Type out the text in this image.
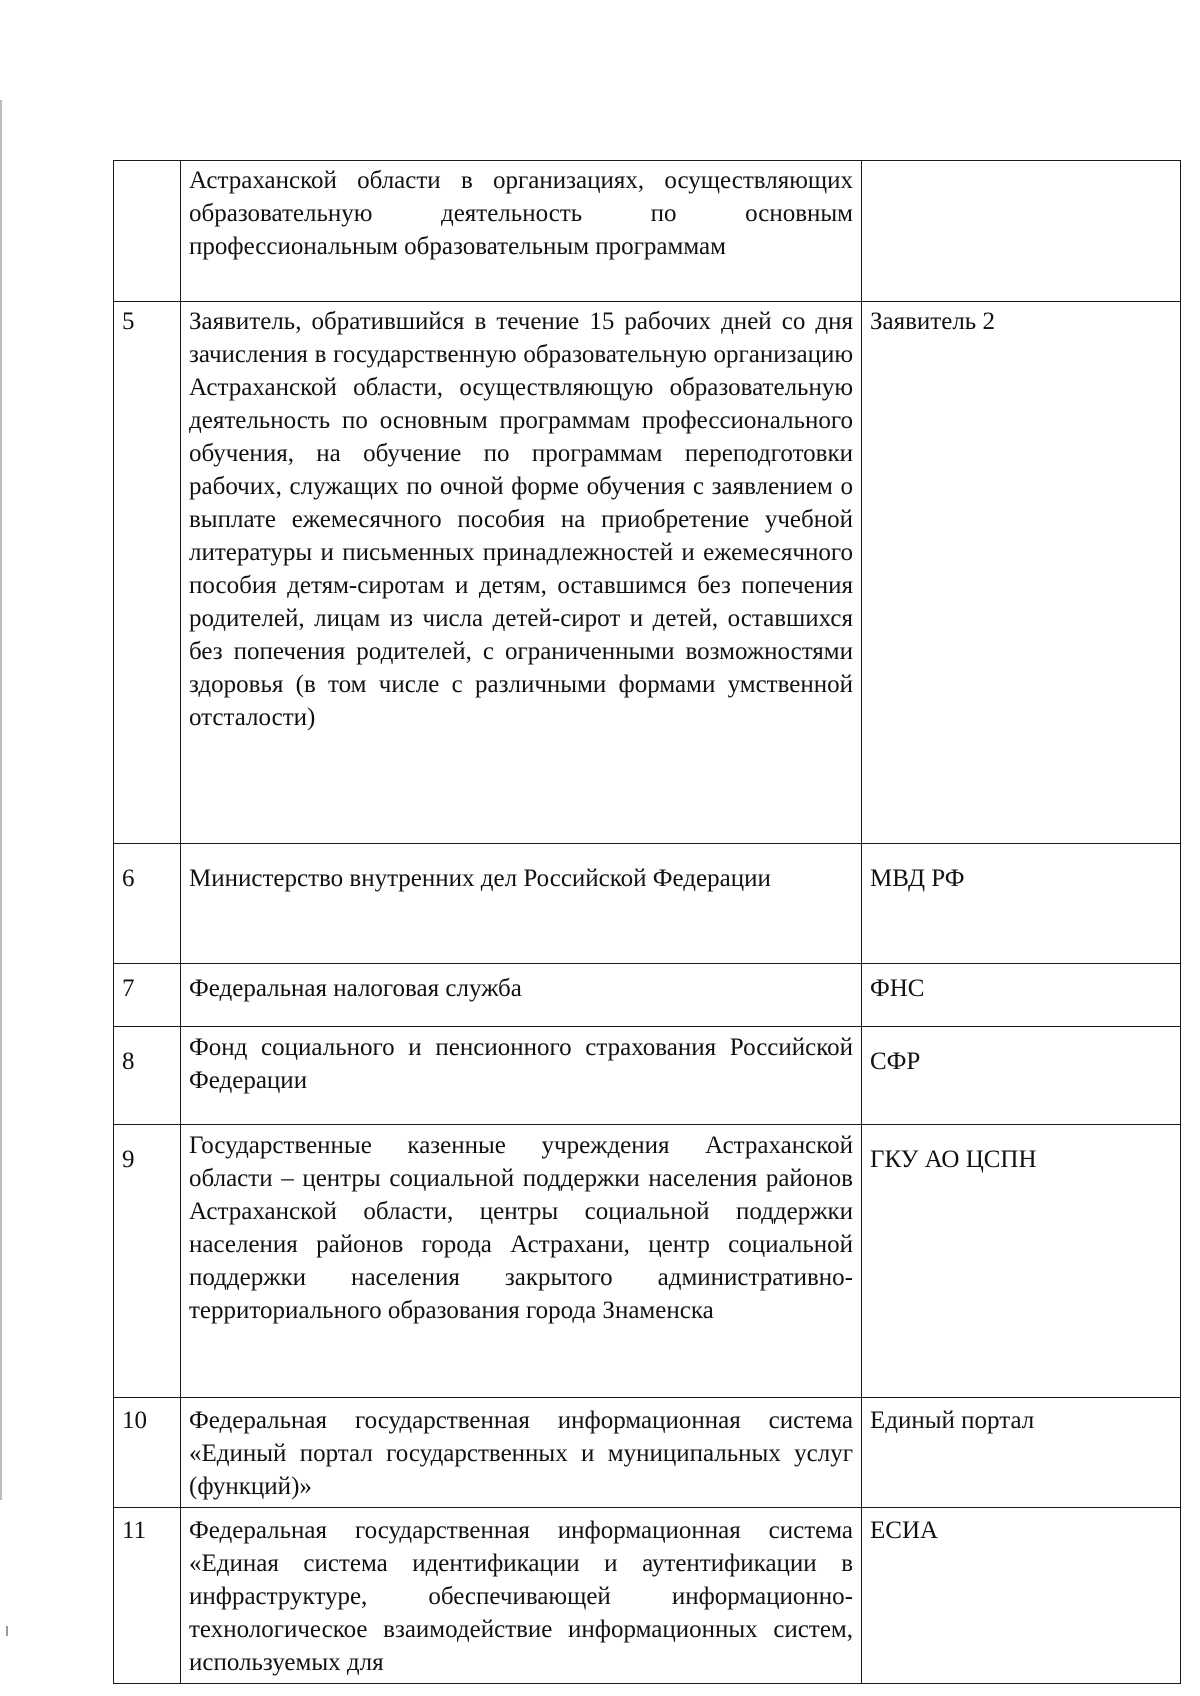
	Астраханской области в организациях, осуществляющих образовательную деятельность по основным профессиональным образовательным программам	
5	Заявитель, обратившийся в течение 15 рабочих дней со дня зачисления в государственную образовательную организацию Астраханской области, осуществляющую образовательную деятельность по основным программам профессионального обучения, на обучение по программам переподготовки рабочих, служащих по очной форме обучения с заявлением о выплате ежемесячного пособия на приобретение учебной литературы и письменных принадлежностей и ежемесячного пособия детям-сиротам и детям, оставшимся без попечения родителей, лицам из числа детей-сирот и детей, оставшихся без попечения родителей, с ограниченными возможностями здоровья (в том числе с различными формами умственной отсталости)	Заявитель 2
6	Министерство внутренних дел Российской Федерации	МВД РФ
7	Федеральная налоговая служба	ФНС
8	Фонд социального и пенсионного страхования Российской Федерации	СФР
9	Государственные казенные учреждения Астраханской области – центры социальной поддержки населения районов Астраханской области, центры социальной поддержки населения районов города Астрахани, центр социальной поддержки населения закрытого административно-территориального образования города Знаменска	ГКУ АО ЦСПН
10	Федеральная государственная информационная система «Единый портал государственных и муниципальных услуг (функций)»	Единый портал
11	Федеральная государственная информационная система «Единая система идентификации и аутентификации в инфраструктуре, обеспечивающей информационно-технологическое взаимодействие информационных систем, используемых для	ЕСИА
